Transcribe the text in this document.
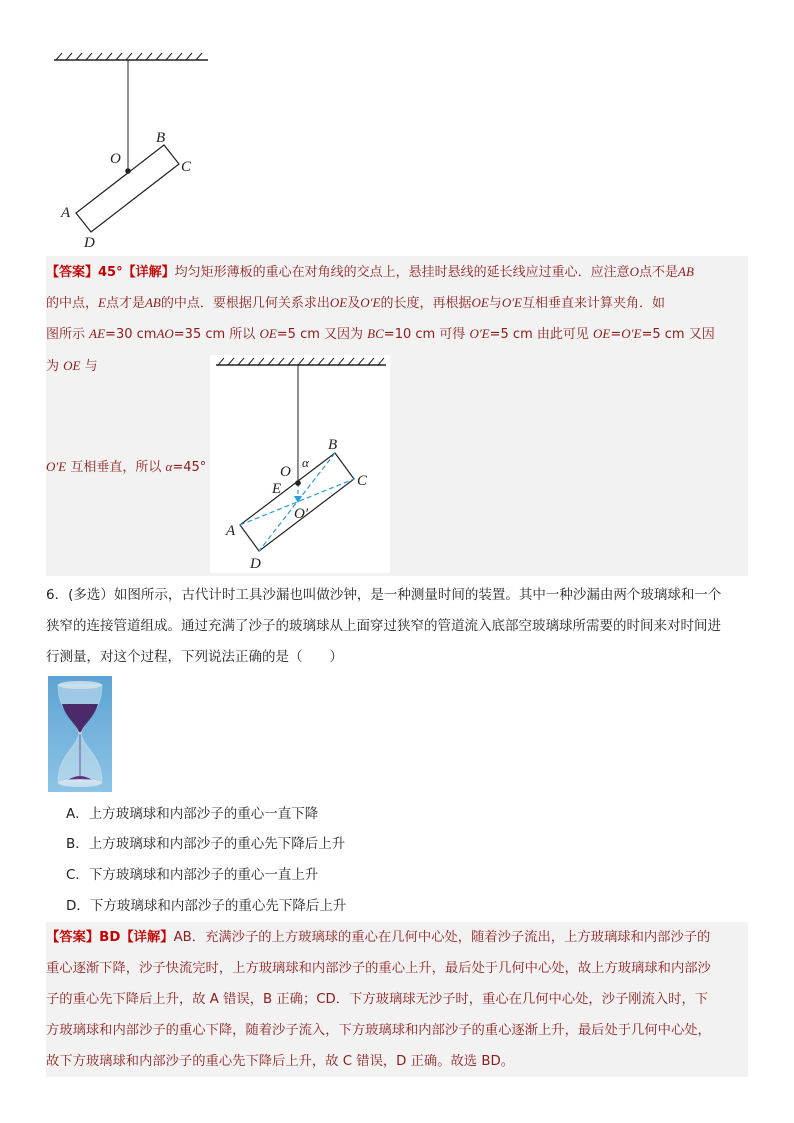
O
B
C
A
D

【答案】45°【详解】均匀矩形薄板的重心在对角线的交点上，悬挂时悬线的延长线应过重心．应注意O点不是AB

的中点，E点才是AB的中点．要根据几何关系求出OE及O′E的长度，再根据OE与O′E互相垂直来计算夹角．如

图所示 AE=30 cmAO=35 cm 所以 OE=5 cm 又因为 BC=10 cm 可得 O′E=5 cm 由此可见 OE=O′E=5 cm 又因为 OE 与

O′E 互相垂直，所以 α=45°

B
O
α
C
E
O′
A
D

6．(多选）如图所示，古代计时工具沙漏也叫做沙钟，是一种测量时间的装置。其中一种沙漏由两个玻璃球和一个

狭窄的连接管道组成。通过充满了沙子的玻璃球从上面穿过狭窄的管道流入底部空玻璃球所需要的时间来对时间进

行测量，对这个过程，下列说法正确的是（　　）

A．上方玻璃球和内部沙子的重心一直下降

B．上方玻璃球和内部沙子的重心先下降后上升

C．下方玻璃球和内部沙子的重心一直上升

D．下方玻璃球和内部沙子的重心先下降后上升

【答案】BD【详解】AB．充满沙子的上方玻璃球的重心在几何中心处，随着沙子流出，上方玻璃球和内部沙子的

重心逐渐下降，沙子快流完时，上方玻璃球和内部沙子的重心上升，最后处于几何中心处，故上方玻璃球和内部沙

子的重心先下降后上升，故 A 错误，B 正确；CD．下方玻璃球无沙子时，重心在几何中心处，沙子刚流入时，下

方玻璃球和内部沙子的重心下降，随着沙子流入，下方玻璃球和内部沙子的重心逐渐上升，最后处于几何中心处，

故下方玻璃球和内部沙子的重心先下降后上升，故 C 错误，D 正确。故选 BD。
